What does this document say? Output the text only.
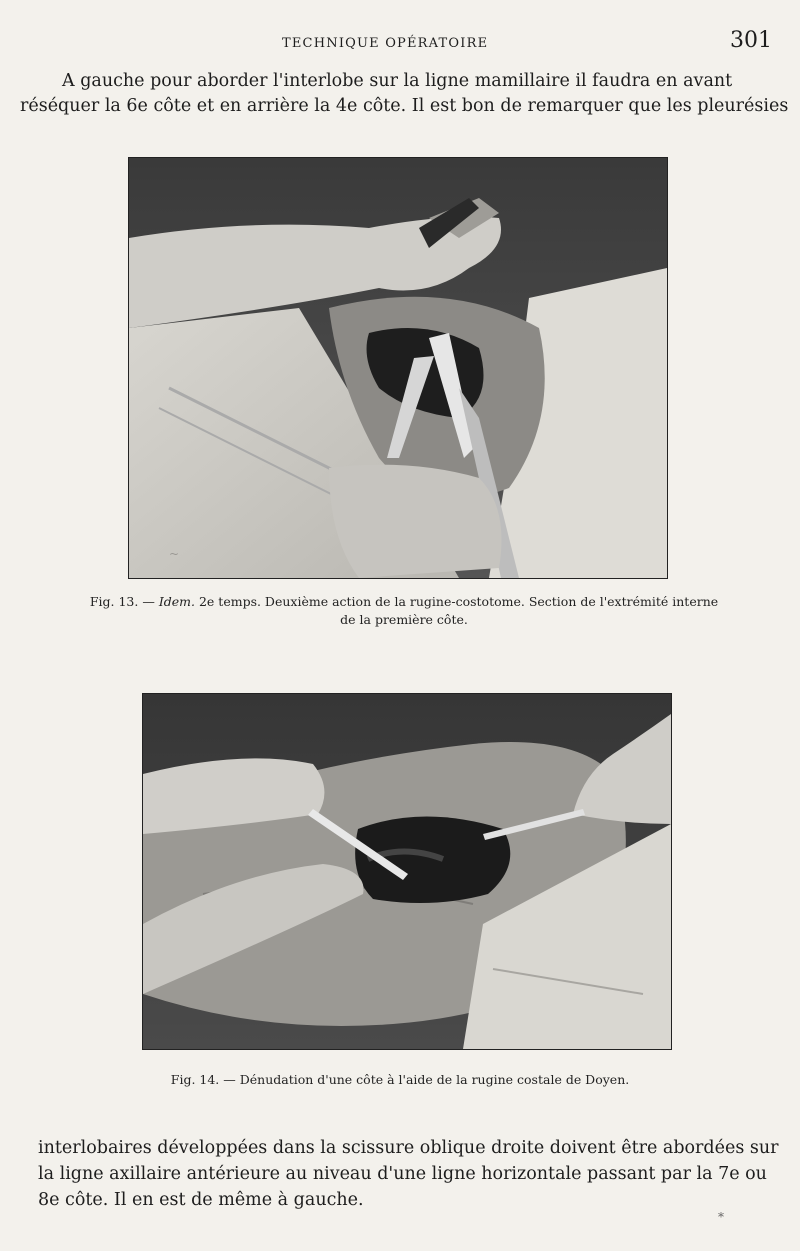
TECHNIQUE OPÉRATOIRE	301
A gauche pour aborder l'interlobe sur la ligne mamillaire il faudra en avant
réséquer la 6e côte et en arrière la 4e côte. Il est bon de remarquer que les pleurésies
~
Fig. 13. — Idem. 2e temps. Deuxième action de la rugine-costotome. Section de l'extrémité interne
de la première côte.
Fig. 14. — Dénudation d'une côte à l'aide de la rugine costale de Doyen.
interlobaires développées dans la scissure oblique droite doivent être abordées sur
la ligne axillaire antérieure au niveau d'une ligne horizontale passant par la 7e ou
8e côte. Il en est de même à gauche.
*
